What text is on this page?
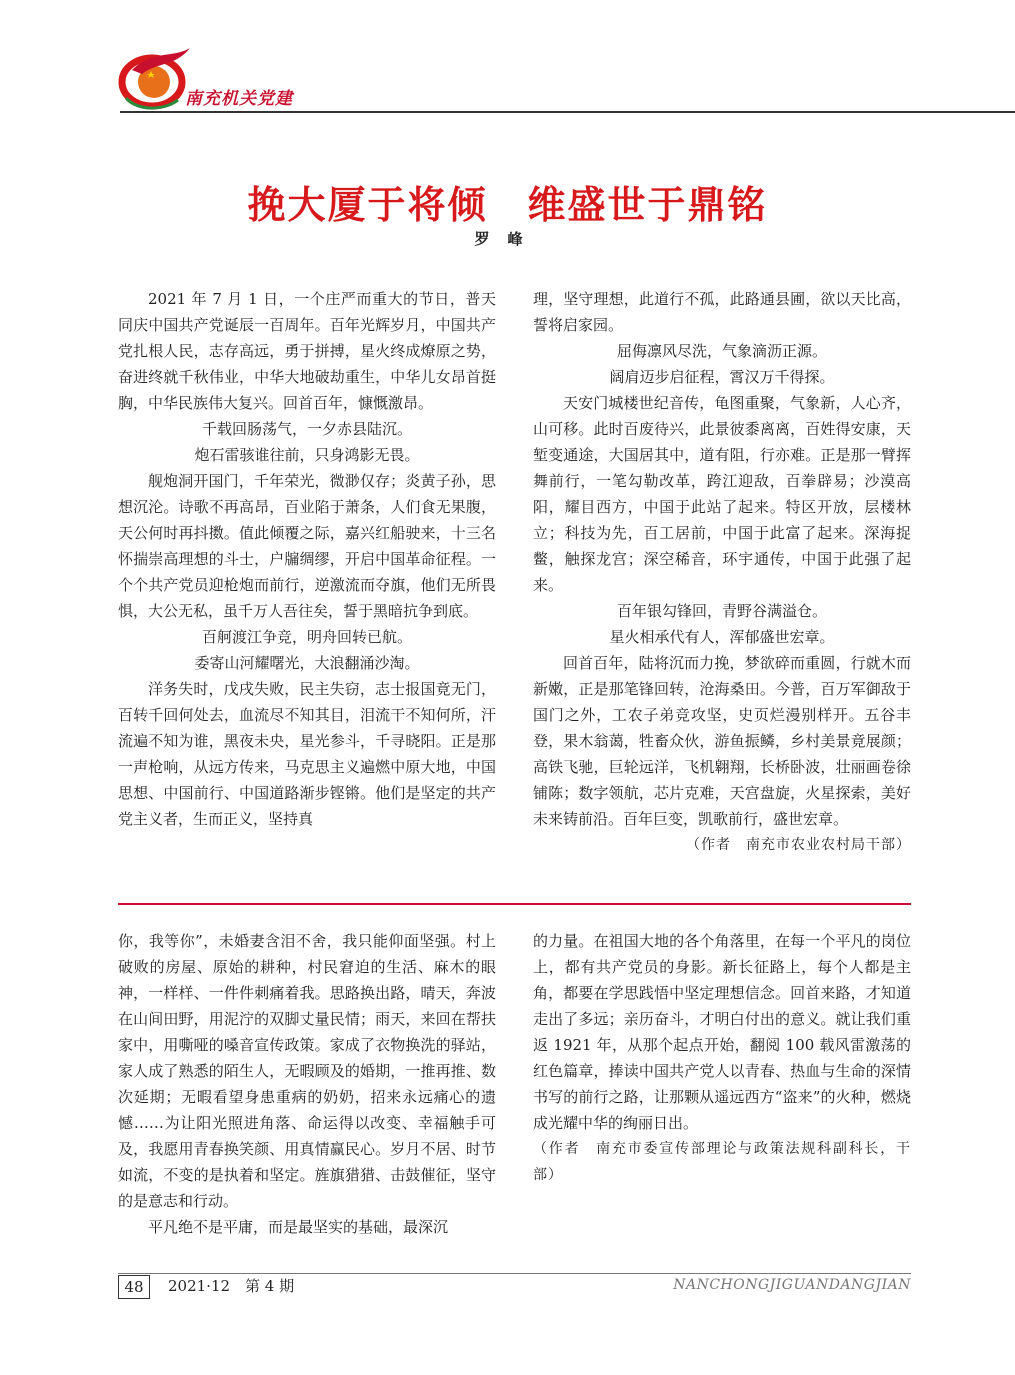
南充机关党建
挽大厦于将倾 维盛世于鼎铭
罗峰

2021 年 7 月 1 日，一个庄严而重大的节日，普天同庆中国共产党诞辰一百周年。百年光辉岁月，中国共产党扎根人民，志存高远，勇于拼搏，星火终成燎原之势，奋进终就千秋伟业，中华大地破劫重生，中华儿女昂首挺胸，中华民族伟大复兴。回首百年，慷慨激昂。

千载回肠荡气，一夕赤县陆沉。

炮石雷骇谁往前，只身鸿影无畏。

舰炮洞开国门，千年荣光，微渺仅存；炎黄子孙，思想沉沦。诗歌不再高昂，百业陷于萧条，人们食无果腹，天公何时再抖擞。值此倾覆之际，嘉兴红船驶来，十三名怀揣崇高理想的斗士，户牖绸缪，开启中国革命征程。一个个共产党员迎枪炮而前行，逆激流而夺旗，他们无所畏惧，大公无私，虽千万人吾往矣，誓于黑暗抗争到底。

百舸渡江争竞，明舟回转已航。

委寄山河耀曙光，大浪翻涌沙淘。

洋务失时，戊戌失败，民主失窃，志士报国竟无门，百转千回何处去，血流尽不知其目，泪流干不知何所，汗流遍不知为谁，黑夜未央，星光参斗，千寻晓阳。正是那一声枪响，从远方传来，马克思主义遍燃中原大地，中国思想、中国前行、中国道路渐步铿锵。他们是坚定的共产党主义者，生而正义，坚持真

理，坚守理想，此道行不孤，此路通县圃，欲以天比高，誓将启家园。

屈侮凛风尽洗，气象滴沥正源。

阔肩迈步启征程，霄汉万千得探。

天安门城楼世纪音传，龟图重聚，气象新，人心齐，山可移。此时百废待兴，此景彼黍离离，百姓得安康，天堑变通途，大国居其中，道有阻，行亦难。正是那一臂挥舞前行，一笔勾勒改革，跨江迎敌，百拳辟易；沙漠高阳，耀目西方，中国于此站了起来。特区开放，层楼林立；科技为先，百工居前，中国于此富了起来。深海捉鳖，触探龙宫；深空稀音，环宇通传，中国于此强了起来。

百年银勾锋回，青野谷满溢仓。

星火相承代有人，浑郁盛世宏章。

回首百年，陆将沉而力挽，梦欲碎而重圆，行就木而新嫩，正是那笔锋回转，沧海桑田。今普，百万军御敌于国门之外，工农子弟竞攻坚，史页烂漫别样开。五谷丰登，果木翁蔼，牲畜众伙，游鱼振鳞，乡村美景竟展颜；高铁飞驰，巨轮远洋，飞机翱翔，长桥卧波，壮丽画卷徐铺陈；数字领航，芯片克难，天宫盘旋，火星探索，美好未来铸前沿。百年巨变，凯歌前行，盛世宏章。

（作者　南充市农业农村局干部）

你，我等你”，未婚妻含泪不舍，我只能仰面坚强。村上破败的房屋、原始的耕种，村民窘迫的生活、麻木的眼神，一样样、一件件刺痛着我。思路换出路，晴天，奔波在山间田野，用泥泞的双脚丈量民情；雨天，来回在帮扶家中，用嘶哑的嗓音宣传政策。家成了衣物换洗的驿站，家人成了熟悉的陌生人，无暇顾及的婚期，一推再推、数次延期；无暇看望身患重病的奶奶，招来永远痛心的遗憾……为让阳光照进角落、命运得以改变、幸福触手可及，我愿用青春换笑颜、用真情赢民心。岁月不居、时节如流，不变的是执着和坚定。旌旗猎猎、击鼓催征，坚守的是意志和行动。

平凡绝不是平庸，而是最坚实的基础，最深沉

的力量。在祖国大地的各个角落里，在每一个平凡的岗位上，都有共产党员的身影。新长征路上，每个人都是主角，都要在学思践悟中坚定理想信念。回首来路，才知道走出了多远；亲历奋斗，才明白付出的意义。就让我们重返 1921 年，从那个起点开始，翻阅 100 载风雷激荡的红色篇章，捧读中国共产党人以青春、热血与生命的深情书写的前行之路，让那颗从遥远西方“盗来”的火种，燃烧成光耀中华的绚丽日出。

（作者　南充市委宣传部理论与政策法规科副科长，干部）

48	2021·12　第 4 期	NANCHONGJIGUANDANGJIAN
